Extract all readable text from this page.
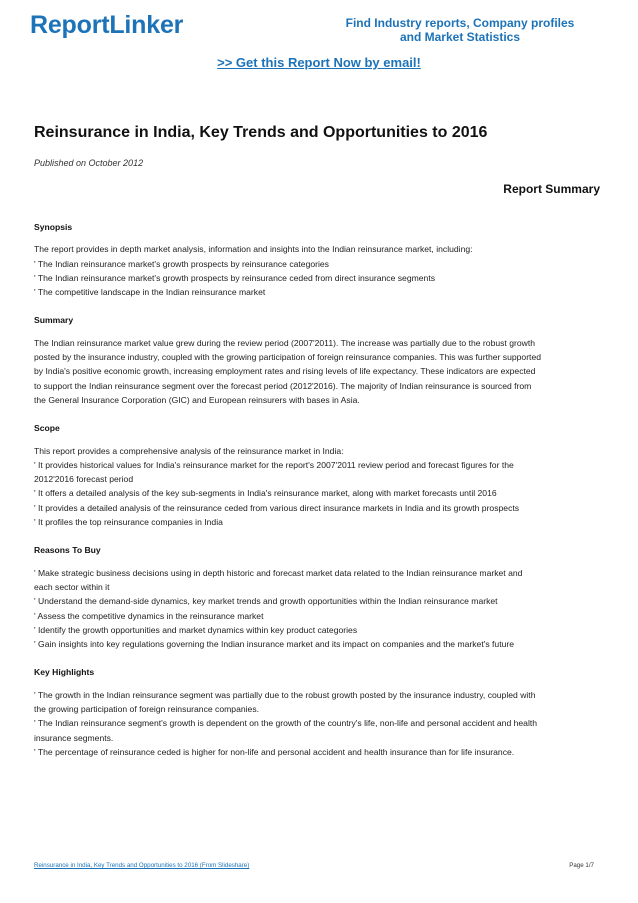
ReportLinker	Find Industry reports, Company profiles
and Market Statistics
>> Get this Report Now by email!
Reinsurance in India, Key Trends and Opportunities to 2016
Published on October 2012
Report Summary
Synopsis

The report provides in depth market analysis, information and insights into the Indian reinsurance market, including:

' The Indian reinsurance market's growth prospects by reinsurance categories

' The Indian reinsurance market's growth prospects by reinsurance ceded from direct insurance segments

' The competitive landscape in the Indian reinsurance market

Summary

The Indian reinsurance market value grew during the review period (2007'2011). The increase was partially due to the robust growth

posted by the insurance industry, coupled with the growing participation of foreign reinsurance companies. This was further supported

by India's positive economic growth, increasing employment rates and rising levels of life expectancy. These indicators are expected

to support the Indian reinsurance segment over the forecast period (2012'2016). The majority of Indian reinsurance is sourced from

the General Insurance Corporation (GIC) and European reinsurers with bases in Asia.

Scope

This report provides a comprehensive analysis of the reinsurance market in India:

' It provides historical values for India's reinsurance market for the report's 2007'2011 review period and forecast figures for the

2012'2016 forecast period

' It offers a detailed analysis of the key sub-segments in India's reinsurance market, along with market forecasts until 2016

' It provides a detailed analysis of the reinsurance ceded from various direct insurance markets in India and its growth prospects

' It profiles the top reinsurance companies in India

Reasons To Buy

' Make strategic business decisions using in depth historic and forecast market data related to the Indian reinsurance market and

each sector within it

' Understand the demand-side dynamics, key market trends and growth opportunities within the Indian reinsurance market

' Assess the competitive dynamics in the reinsurance market

' Identify the growth opportunities and market dynamics within key product categories

' Gain insights into key regulations governing the Indian insurance market and its impact on companies and the market's future

Key Highlights

' The growth in the Indian reinsurance segment was partially due to the robust growth posted by the insurance industry, coupled with

the growing participation of foreign reinsurance companies.

' The Indian reinsurance segment's growth is dependent on the growth of the country's life, non-life and personal accident and health

insurance segments.

' The percentage of reinsurance ceded is higher for non-life and personal accident and health insurance than for life insurance.

Reinsurance in India, Key Trends and Opportunities to 2016 (From Slideshare)	Page 1/7
